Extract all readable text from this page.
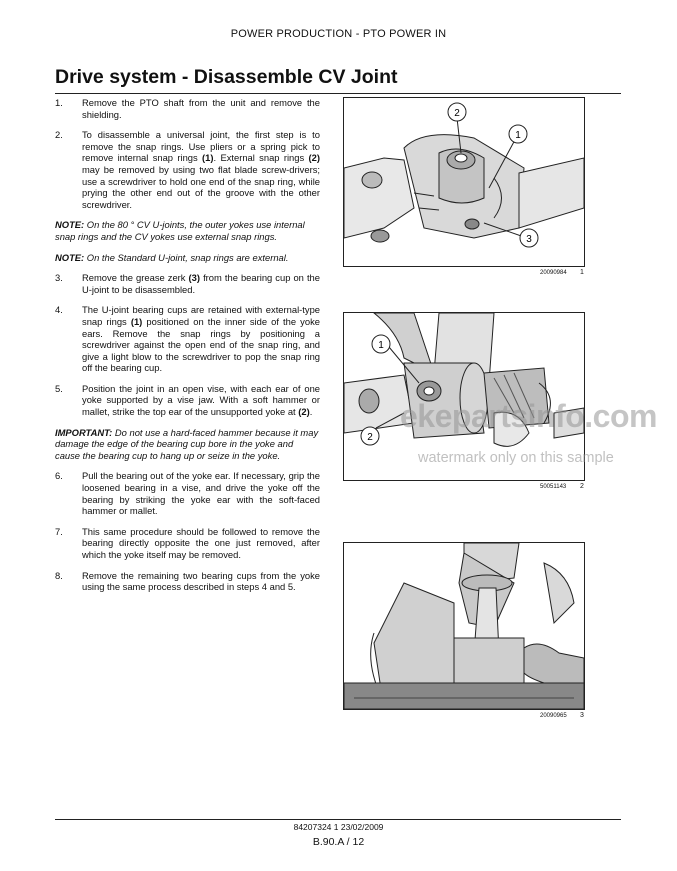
POWER PRODUCTION - PTO POWER IN
Drive system - Disassemble CV Joint
1.	Remove the PTO shaft from the unit and remove the shielding.
2.	To disassemble a universal joint, the first step is to remove the snap rings. Use pliers or a spring pick to remove internal snap rings (1). External snap rings (2) may be removed by using two flat blade screw-drivers; use a screwdriver to hold one end of the snap ring, while prying the other end out of the groove with the other screwdriver.
NOTE: On the 80 ° CV U-joints, the outer yokes use internal snap rings and the CV yokes use external snap rings.
NOTE: On the Standard U-joint, snap rings are external.
3.	Remove the grease zerk (3) from the bearing cup on the U-joint to be disassembled.
4.	The U-joint bearing cups are retained with external-type snap rings (1) positioned on the inner side of the yoke ears. Remove the snap rings by positioning a screwdriver against the open end of the snap ring, and give a light blow to the screwdriver to pop the snap ring off the bearing cup.
5.	Position the joint in an open vise, with each ear of one yoke supported by a vise jaw. With a soft hammer or mallet, strike the top ear of the unsupported yoke at (2).
IMPORTANT: Do not use a hard-faced hammer because it may damage the edge of the bearing cup bore in the yoke and cause the bearing cup to hang up or seize in the yoke.
6.	Pull the bearing out of the yoke ear. If necessary, grip the loosened bearing in a vise, and drive the yoke off the bearing by striking the yoke ear with the soft-faced hammer or mallet.
7.	This same procedure should be followed to remove the bearing directly opposite the one just removed, after which the yoke itself may be removed.
8.	Remove the remaining two bearing cups from the yoke using the same process described in steps 4 and 5.
2
1
3
20090984 1
1
2
50051143 2
20090965 3
ekepartsinfo.com
watermark only on this sample
84207324 1 23/02/2009
B.90.A / 12
